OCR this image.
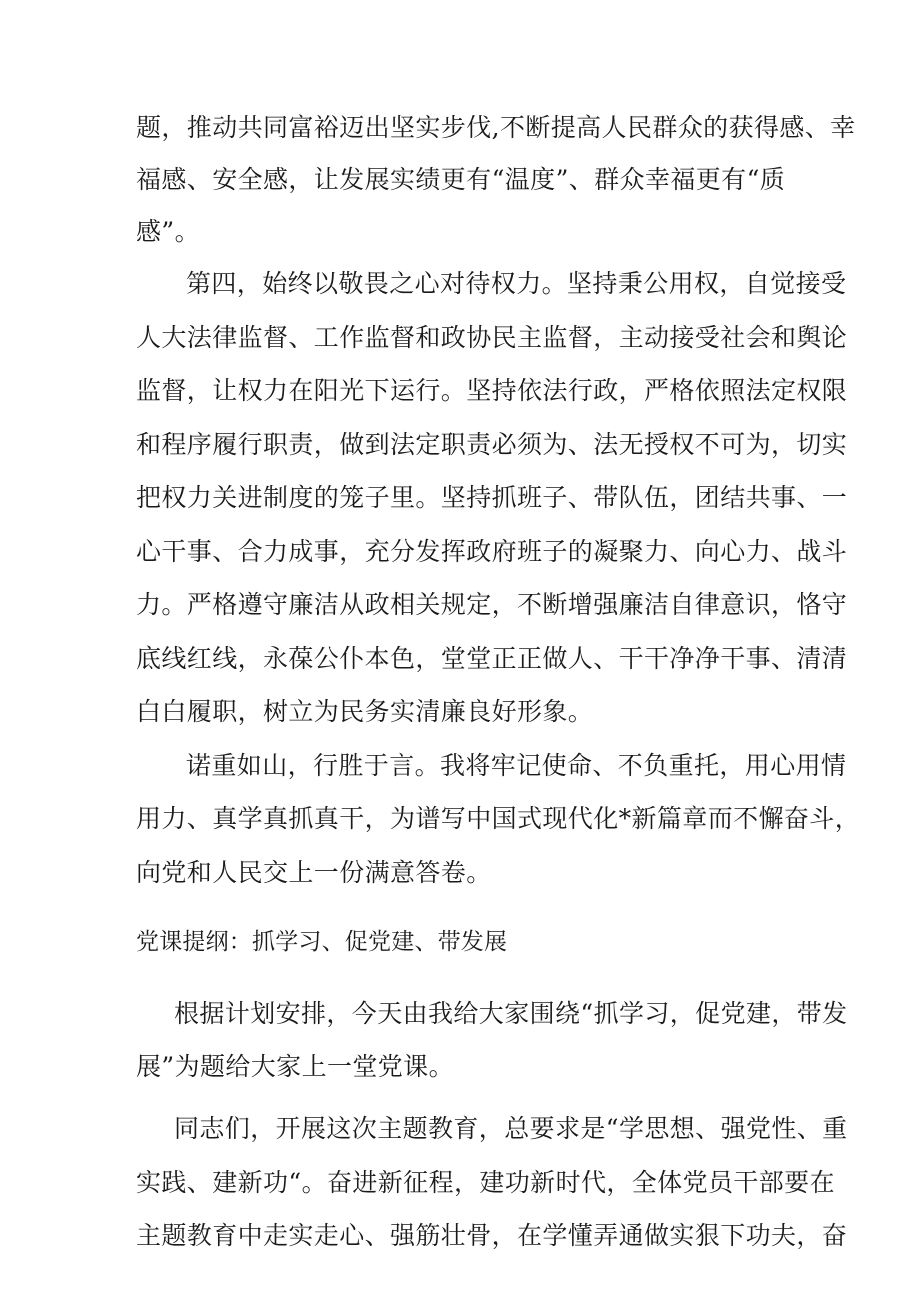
题，推动共同富裕迈出坚实步伐,不断提高人民群众的获得感、幸

福感、安全感，让发展实绩更有“温度”、群众幸福更有“质

感”。

第四，始终以敬畏之心对待权力。坚持秉公用权，自觉接受

人大法律监督、工作监督和政协民主监督，主动接受社会和舆论

监督，让权力在阳光下运行。坚持依法行政，严格依照法定权限

和程序履行职责，做到法定职责必须为、法无授权不可为，切实

把权力关进制度的笼子里。坚持抓班子、带队伍，团结共事、一

心干事、合力成事，充分发挥政府班子的凝聚力、向心力、战斗

力。严格遵守廉洁从政相关规定，不断增强廉洁自律意识，恪守

底线红线，永葆公仆本色，堂堂正正做人、干干净净干事、清清

白白履职，树立为民务实清廉良好形象。

诺重如山，行胜于言。我将牢记使命、不负重托，用心用情

用力、真学真抓真干，为谱写中国式现代化*新篇章而不懈奋斗，

向党和人民交上一份满意答卷。

党课提纲：抓学习、促党建、带发展

根据计划安排，今天由我给大家围绕“抓学习，促党建，带发

展”为题给大家上一堂党课。

同志们，开展这次主题教育，总要求是“学思想、强党性、重

实践、建新功“。奋进新征程，建功新时代，全体党员干部要在

主题教育中走实走心、强筋壮骨，在学懂弄通做实狠下功夫，奋
